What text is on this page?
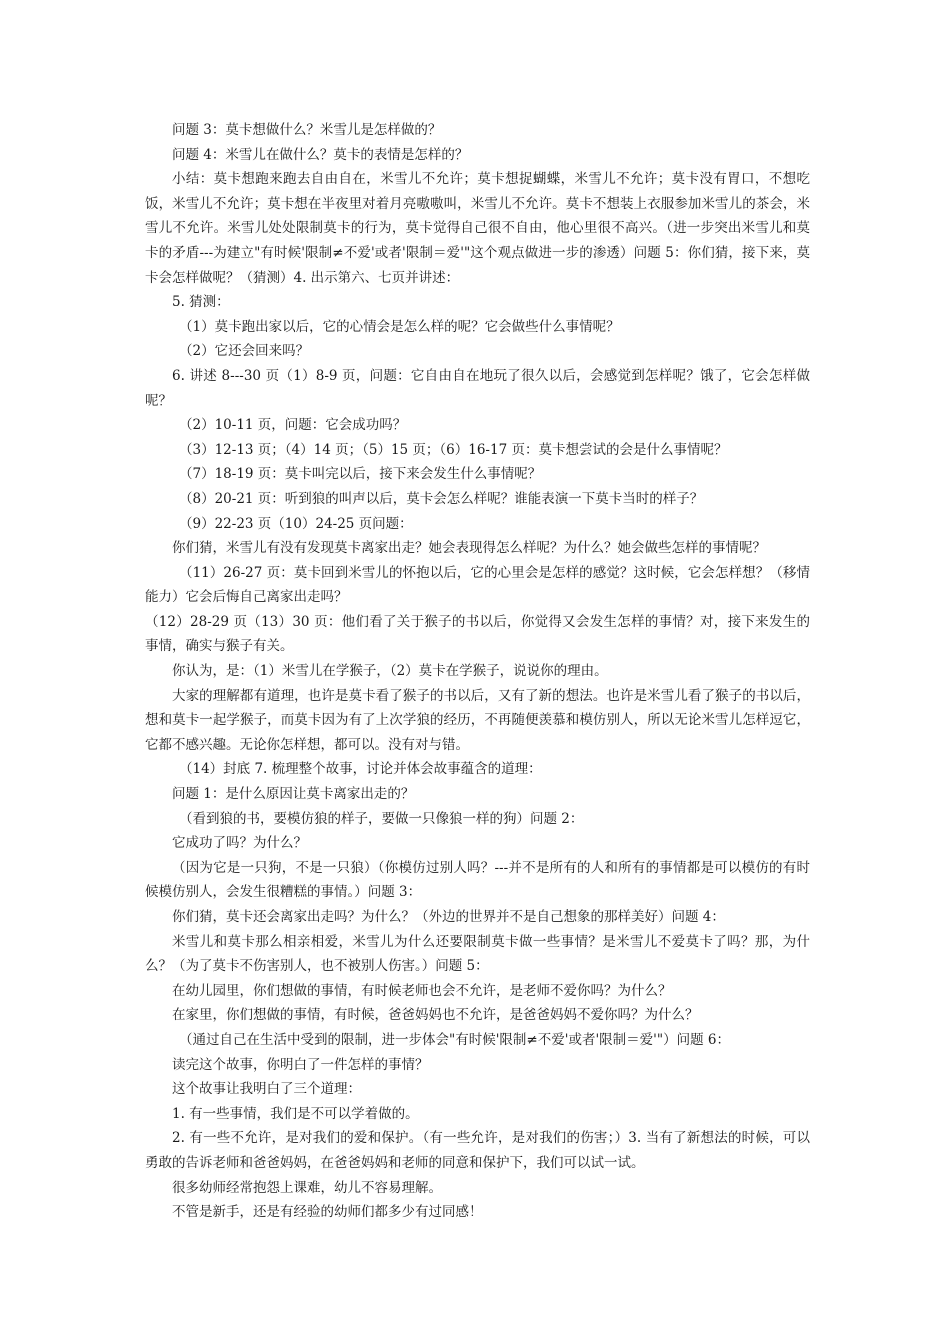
问题 3：莫卡想做什么？米雪儿是怎样做的？

问题 4：米雪儿在做什么？莫卡的表情是怎样的？

小结：莫卡想跑来跑去自由自在，米雪儿不允许；莫卡想捉蝴蝶，米雪儿不允许；莫卡没有胃口，不想吃饭，米雪儿不允许；莫卡想在半夜里对着月亮嗷嗷叫，米雪儿不允许。莫卡不想装上衣服参加米雪儿的茶会，米雪儿不允许。米雪儿处处限制莫卡的行为，莫卡觉得自己很不自由，他心里很不高兴。（进一步突出米雪儿和莫卡的矛盾---为建立"有时候'限制≠不爱'或者'限制＝爱'"这个观点做进一步的渗透）问题 5：你们猜，接下来，莫卡会怎样做呢？（猜测）4. 出示第六、七页并讲述：

5. 猜测：

（1）莫卡跑出家以后，它的心情会是怎么样的呢？它会做些什么事情呢？

（2）它还会回来吗？

6. 讲述 8---30 页（1）8-9 页，问题：它自由自在地玩了很久以后，会感觉到怎样呢？饿了，它会怎样做呢？

（2）10-11 页，问题：它会成功吗？

（3）12-13 页；（4）14 页；（5）15 页；（6）16-17 页：莫卡想尝试的会是什么事情呢？

（7）18-19 页：莫卡叫完以后，接下来会发生什么事情呢？

（8）20-21 页：听到狼的叫声以后，莫卡会怎么样呢？谁能表演一下莫卡当时的样子？

（9）22-23 页（10）24-25 页问题：

你们猜，米雪儿有没有发现莫卡离家出走？她会表现得怎么样呢？为什么？她会做些怎样的事情呢？

（11）26-27 页：莫卡回到米雪儿的怀抱以后，它的心里会是怎样的感觉？这时候，它会怎样想？（移情能力）它会后悔自己离家出走吗？

（12）28-29 页（13）30 页：他们看了关于猴子的书以后，你觉得又会发生怎样的事情？对，接下来发生的事情，确实与猴子有关。

你认为，是：（1）米雪儿在学猴子，（2）莫卡在学猴子，说说你的理由。

大家的理解都有道理，也许是莫卡看了猴子的书以后，又有了新的想法。也许是米雪儿看了猴子的书以后，想和莫卡一起学猴子，而莫卡因为有了上次学狼的经历，不再随便羡慕和模仿别人，所以无论米雪儿怎样逗它，它都不感兴趣。无论你怎样想，都可以。没有对与错。

（14）封底 7. 梳理整个故事，讨论并体会故事蕴含的道理：

问题 1：是什么原因让莫卡离家出走的？

（看到狼的书，要模仿狼的样子，要做一只像狼一样的狗）问题 2：

它成功了吗？为什么？

（因为它是一只狗，不是一只狼）（你模仿过别人吗？---并不是所有的人和所有的事情都是可以模仿的有时候模仿别人，会发生很糟糕的事情。）问题 3：

你们猜，莫卡还会离家出走吗？为什么？（外边的世界并不是自己想象的那样美好）问题 4：

米雪儿和莫卡那么相亲相爱，米雪儿为什么还要限制莫卡做一些事情？是米雪儿不爱莫卡了吗？那，为什么？（为了莫卡不伤害别人，也不被别人伤害。）问题 5：

在幼儿园里，你们想做的事情，有时候老师也会不允许，是老师不爱你吗？为什么？

在家里，你们想做的事情，有时候，爸爸妈妈也不允许，是爸爸妈妈不爱你吗？为什么？

（通过自己在生活中受到的限制，进一步体会"有时候'限制≠不爱'或者'限制＝爱'"）问题 6：

读完这个故事，你明白了一件怎样的事情？

这个故事让我明白了三个道理：

1. 有一些事情，我们是不可以学着做的。

2. 有一些不允许，是对我们的爱和保护。（有一些允许，是对我们的伤害；）3. 当有了新想法的时候，可以勇敢的告诉老师和爸爸妈妈，在爸爸妈妈和老师的同意和保护下，我们可以试一试。

很多幼师经常抱怨上课难，幼儿不容易理解。

不管是新手，还是有经验的幼师们都多少有过同感！
